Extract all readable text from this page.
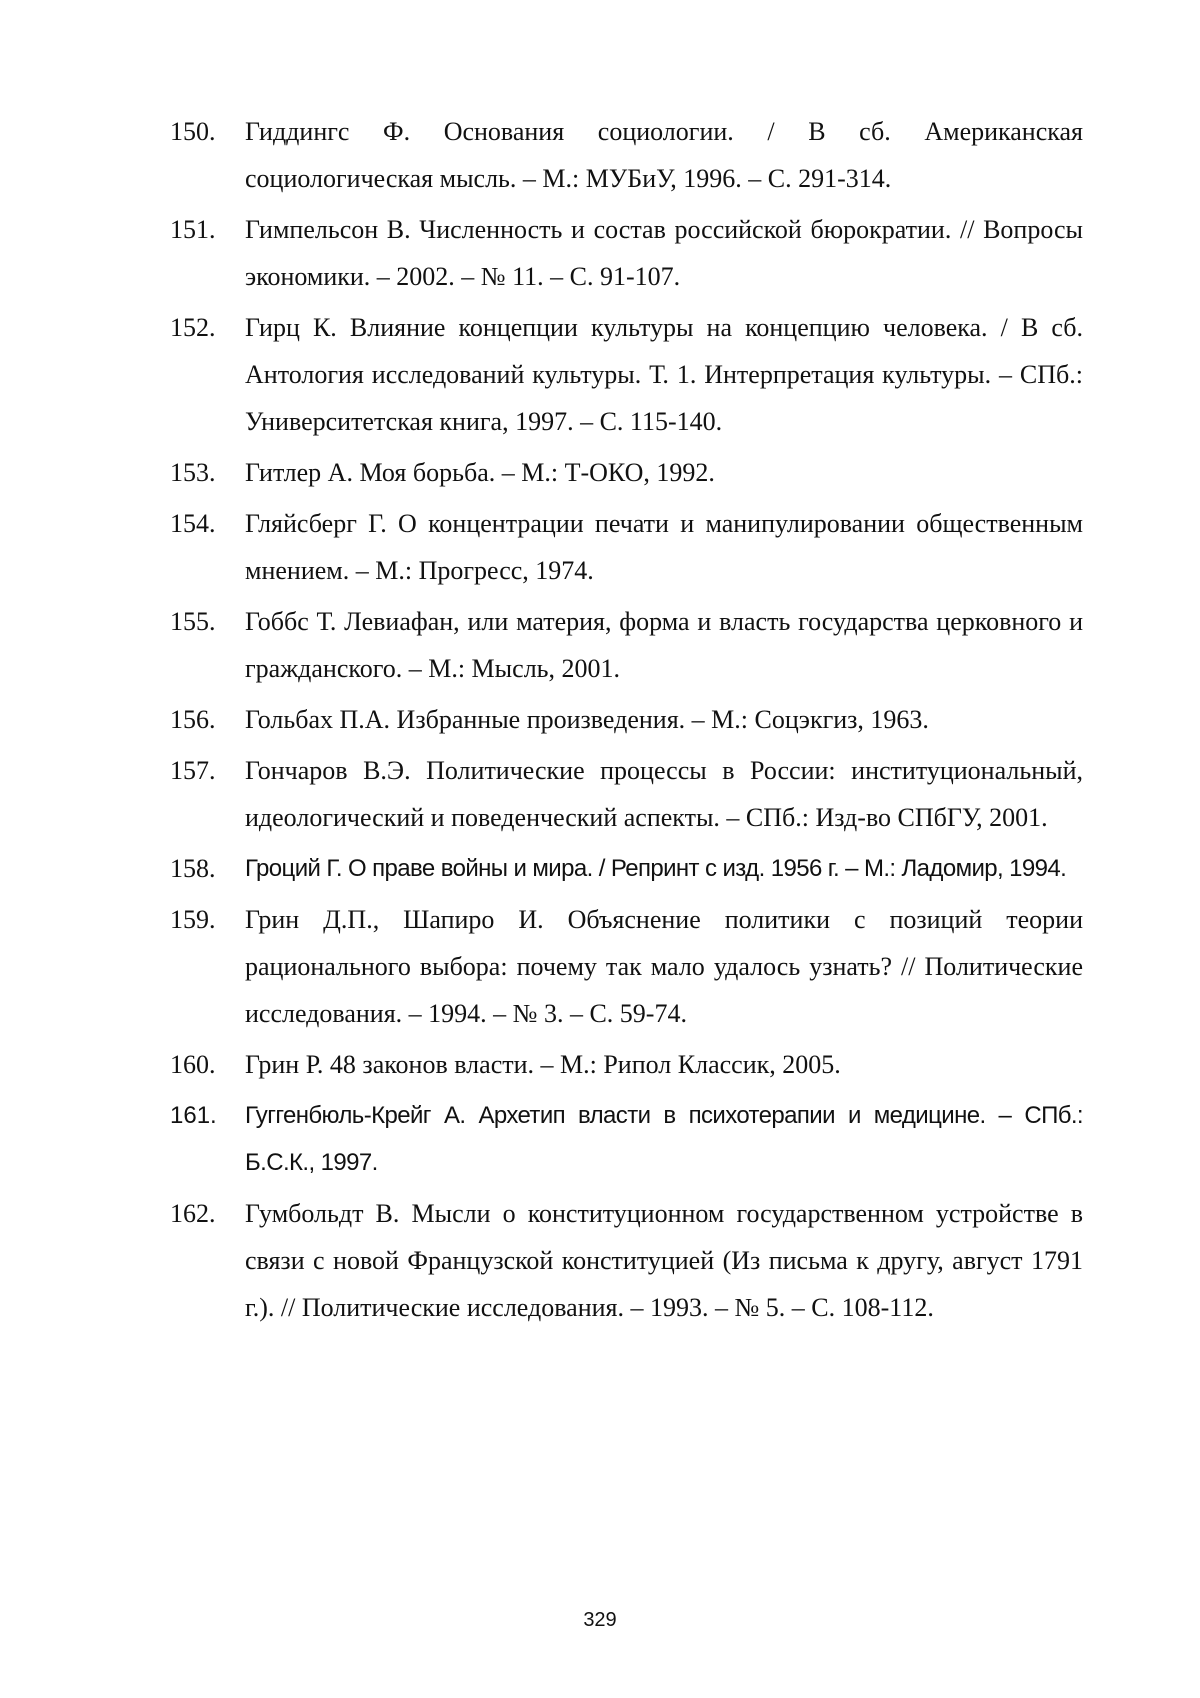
150.	Гиддингс Ф. Основания социологии. / В сб. Американская социологическая мысль. – М.: МУБиУ, 1996. – С. 291-314.
151.	Гимпельсон В. Численность и состав российской бюрократии. // Вопросы экономики. – 2002. – № 11. – С. 91-107.
152.	Гирц К. Влияние концепции культуры на концепцию человека. / В сб. Антология исследований культуры. Т. 1. Интерпретация культуры. – СПб.: Университетская книга, 1997. – С. 115-140.
153.	Гитлер А. Моя борьба. – М.: Т-ОКО, 1992.
154.	Гляйсберг Г. О концентрации печати и манипулировании общественным мнением. – М.: Прогресс, 1974.
155.	Гоббс Т. Левиафан, или материя, форма и власть государства церковного и гражданского. – М.: Мысль, 2001.
156.	Гольбах П.А. Избранные произведения. – М.: Соцэкгиз, 1963.
157.	Гончаров В.Э. Политические процессы в России: институциональный, идеологический и поведенческий аспекты. – СПб.: Изд-во СПбГУ, 2001.
158.	Гроций Г. О праве войны и мира. / Репринт с изд. 1956 г. – М.: Ладомир, 1994.
159.	Грин Д.П., Шапиро И. Объяснение политики с позиций теории рационального выбора: почему так мало удалось узнать? // Политические исследования. – 1994. – № 3. – С. 59-74.
160.	Грин Р. 48 законов власти. – М.: Рипол Классик, 2005.
161.	Гуггенбюль-Крейг А. Архетип власти в психотерапии и медицине. – СПб.: Б.С.К., 1997.
162.	Гумбольдт В. Мысли о конституционном государственном устройстве в связи с новой Французской конституцией (Из письма к другу, август 1791 г.). // Политические исследования. – 1993. – № 5. – С. 108-112.
329
